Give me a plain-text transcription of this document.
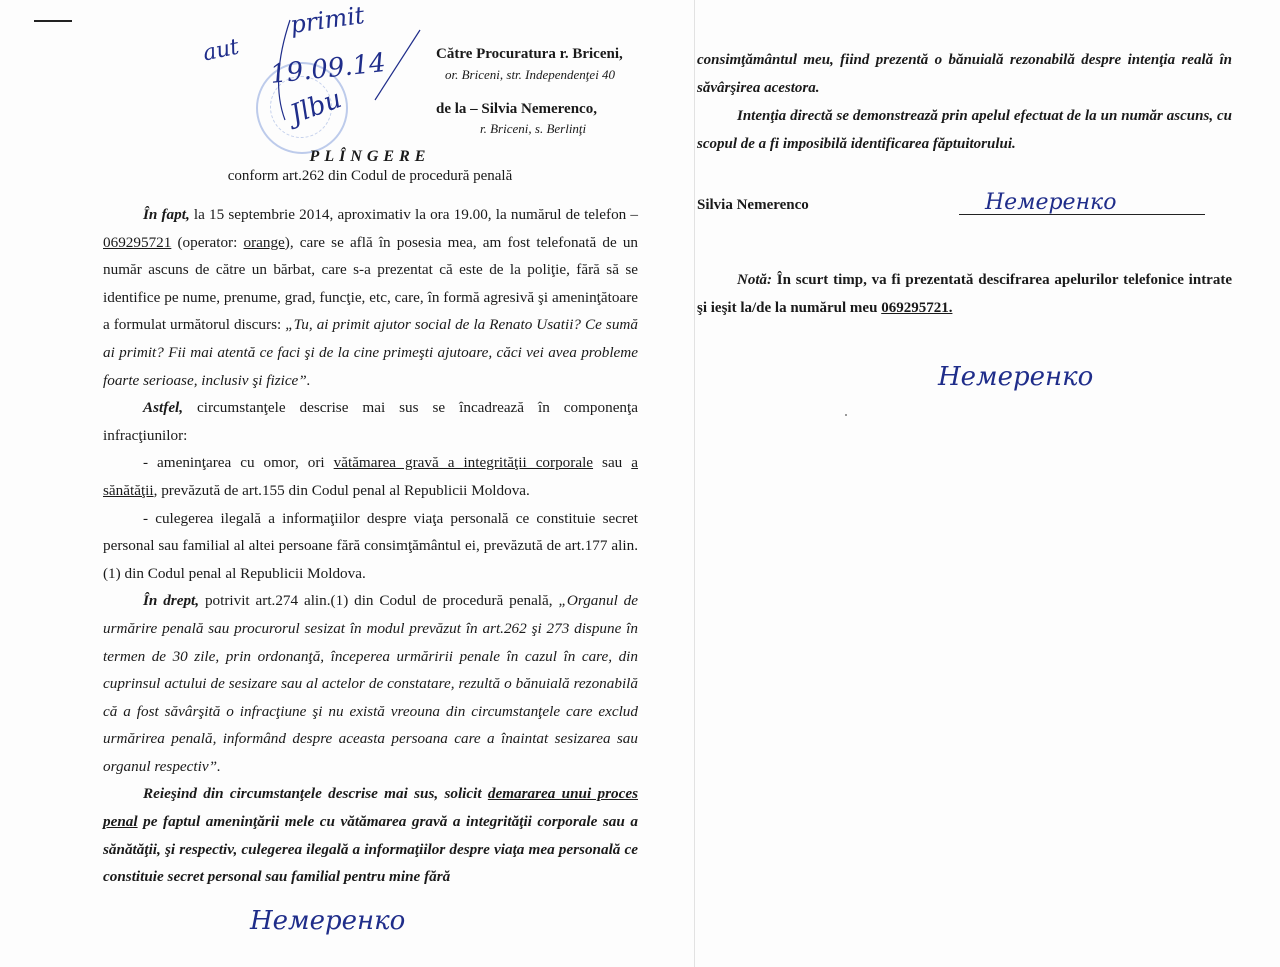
aut
primit
19.09.14
Jlbu
Către Procuratura r. Briceni,
or. Briceni, str. Independenţei 40
de la – Silvia Nemerenco,
r. Briceni, s. Berlinţi
PLÎNGERE
conform art.262 din Codul de procedură penală

În fapt, la 15 septembrie 2014, aproximativ la ora 19.00, la numărul de telefon – 069295721 (operator: orange), care se află în posesia mea, am fost telefonată de un număr ascuns de către un bărbat, care s-a prezentat că este de la poliţie, fără să se identifice pe nume, prenume, grad, funcţie, etc, care, în formă agresivă şi ameninţătoare a formulat următorul discurs: „Tu, ai primit ajutor social de la Renato Usatii? Ce sumă ai primit? Fii mai atentă ce faci şi de la cine primeşti ajutoare, căci vei avea probleme foarte serioase, inclusiv şi fizice”.

Astfel, circumstanţele descrise mai sus se încadrează în componenţa infracţiunilor:

- ameninţarea cu omor, ori vătămarea gravă a integrităţii corporale sau a sănătăţii, prevăzută de art.155 din Codul penal al Republicii Moldova.

- culegerea ilegală a informaţiilor despre viaţa personală ce constituie secret personal sau familial al altei persoane fără consimţământul ei, prevăzută de art.177 alin.(1) din Codul penal al Republicii Moldova.

În drept, potrivit art.274 alin.(1) din Codul de procedură penală, „Organul de urmărire penală sau procurorul sesizat în modul prevăzut în art.262 şi 273 dispune în termen de 30 zile, prin ordonanţă, începerea urmăririi penale în cazul în care, din cuprinsul actului de sesizare sau al actelor de constatare, rezultă o bănuială rezonabilă că a fost săvârşită o infracţiune şi nu există vreouna din circumstanţele care exclud urmărirea penală, informând despre aceasta persoana care a înaintat sesizarea sau organul respectiv”.

Reieşind din circumstanţele descrise mai sus, solicit demararea unui proces penal pe faptul ameninţării mele cu vătămarea gravă a integrităţii corporale sau a sănătăţii, şi respectiv, culegerea ilegală a informaţiilor despre viaţa mea personală ce constituie secret personal sau familial pentru mine fără

Немеренко

consimţământul meu, fiind prezentă o bănuială rezonabilă despre intenţia reală în săvârşirea acestora.

Intenţia directă se demonstrează prin apelul efectuat de la un număr ascuns, cu scopul de a fi imposibilă identificarea făptuitorului.

Silvia Nemerenco	Немеренко
Notă: În scurt timp, va fi prezentată descifrarea apelurilor telefonice intrate şi ieşit la/de la numărul meu 069295721.
Немеренко
